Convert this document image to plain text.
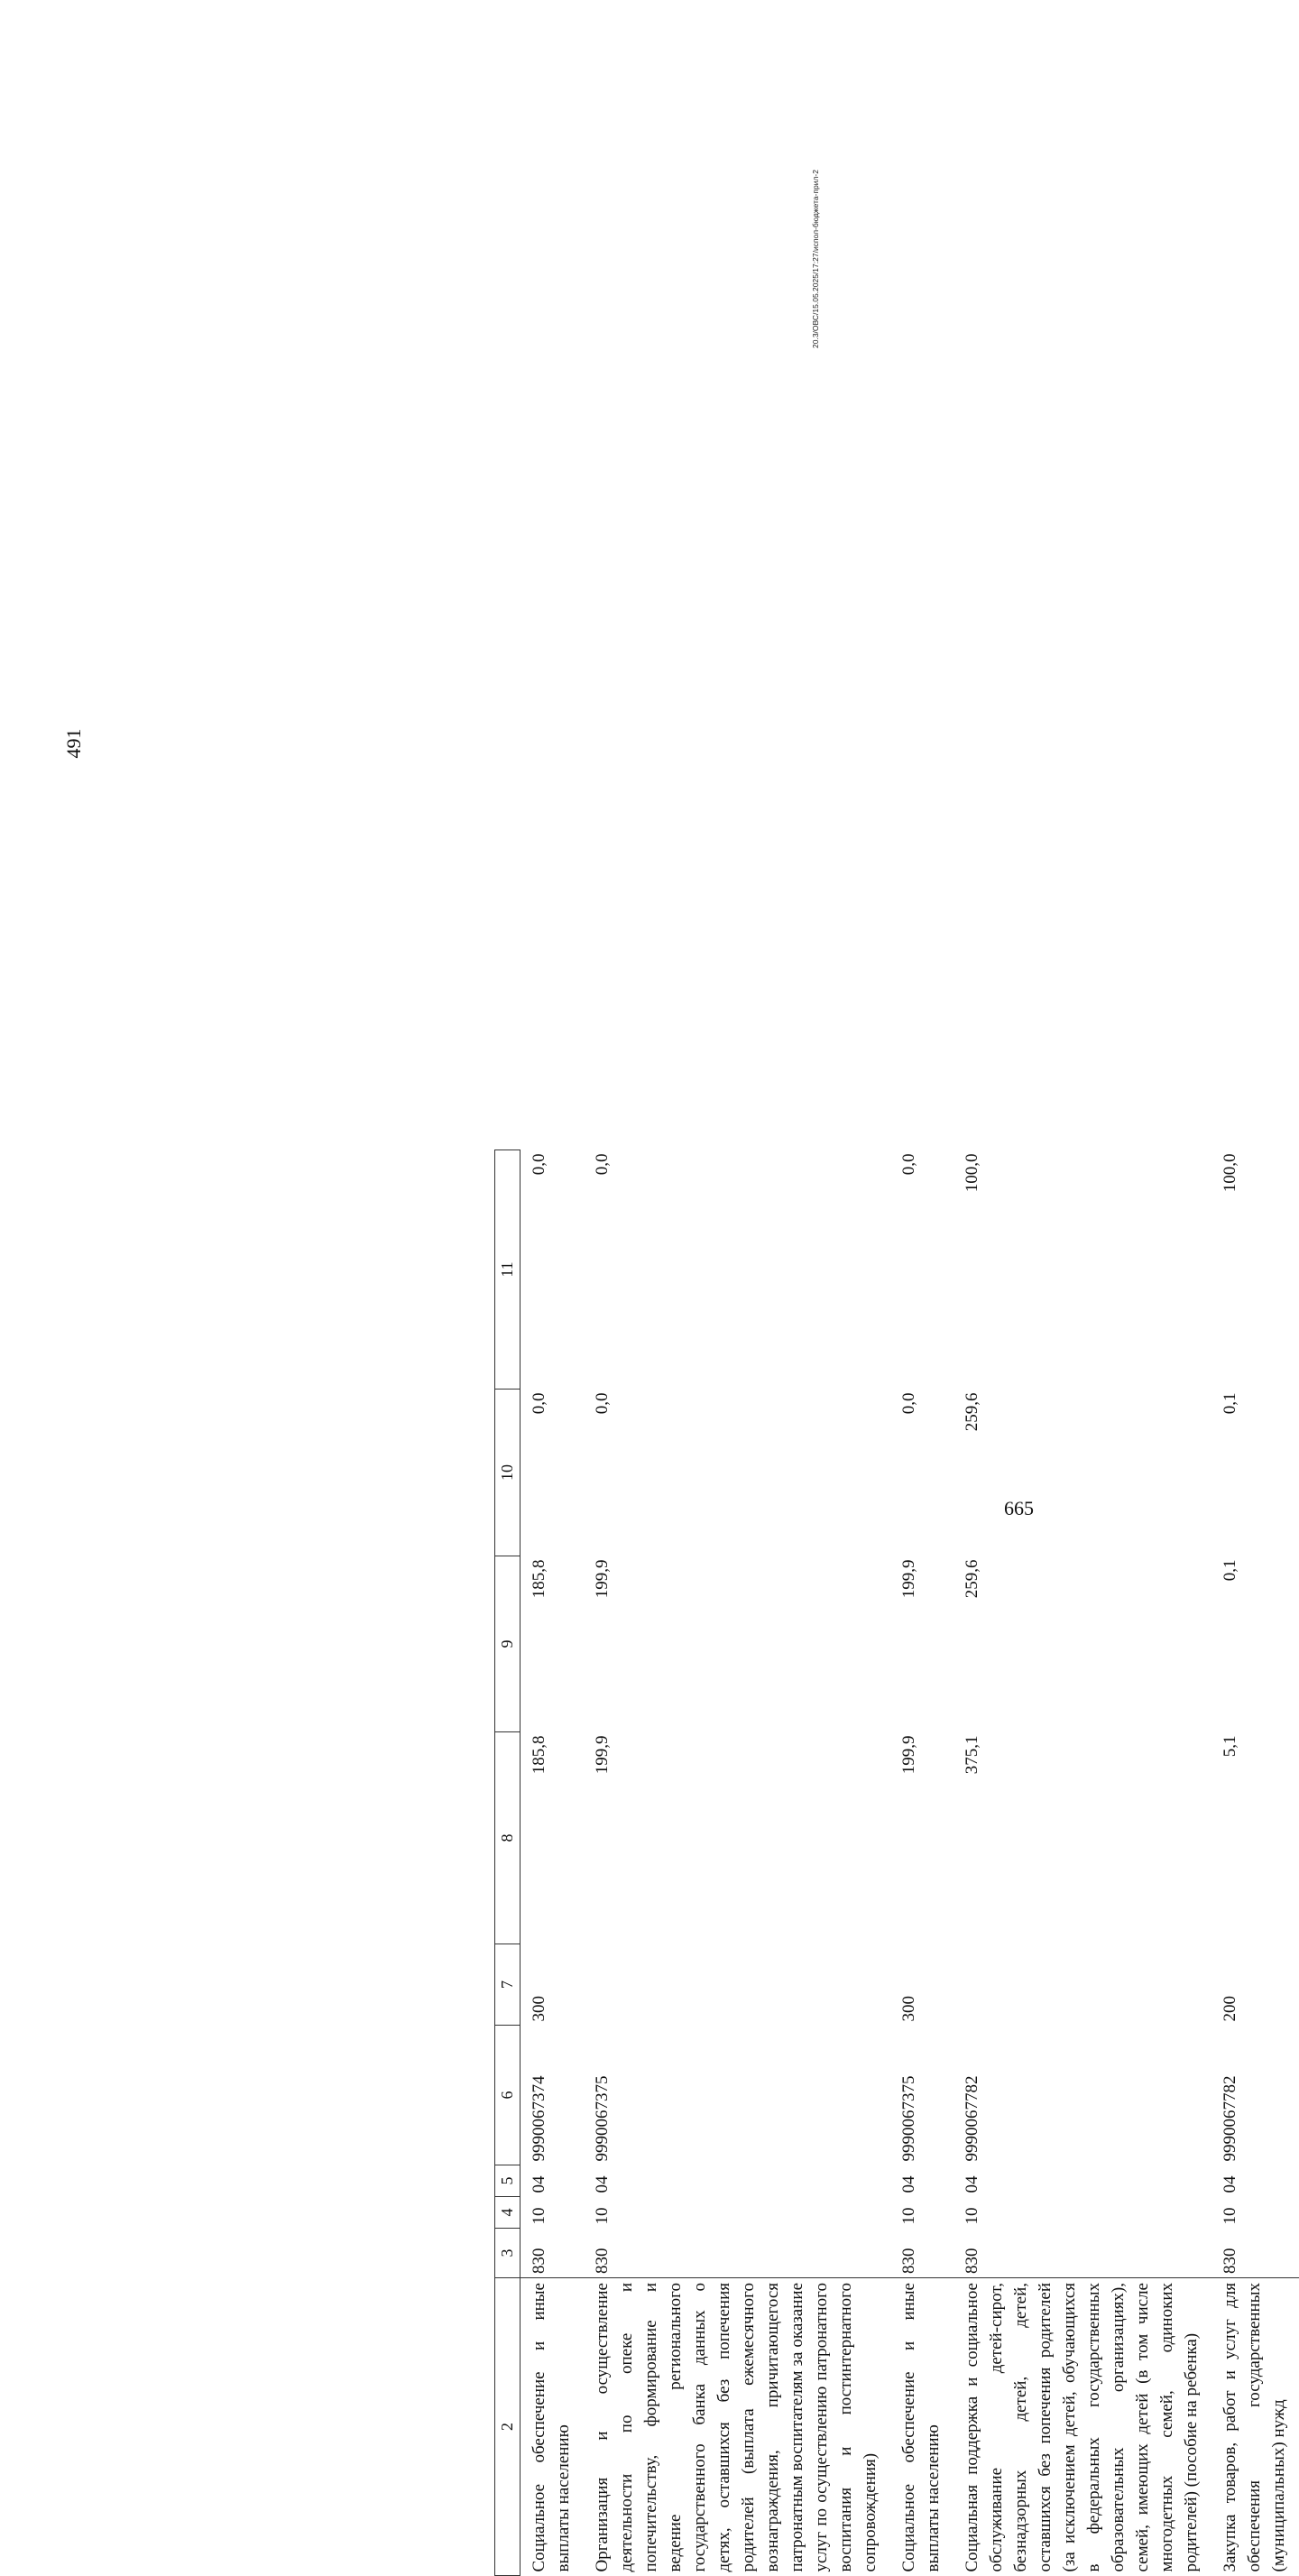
491
2	3	4	5	6	7	8	9	10	11
Социальное обеспечение и иные выплаты населению	830	10	04	9990067374	300	185,8	185,8	0,0	0,0
Организация и осуществление деятельности по опеке и попечительству, формирование и ведение регионального государственного банка данных о детях, оставшихся без попечения родителей (выплата ежемесячного вознаграждения, причитающегося патронатным воспитателям за оказание услуг по осуществлению патронатного воспитания и постинтернатного сопровождения)	830	10	04	9990067375		199,9	199,9	0,0	0,0
Социальное обеспечение и иные выплаты населению	830	10	04	9990067375	300	199,9	199,9	0,0	0,0
Социальная поддержка и социальное обслуживание детей-сирот, безнадзорных детей, детей, оставшихся без попечения родителей (за исключением детей, обучающихся в федеральных государственных образовательных организациях), семей, имеющих детей (в том числе многодетных семей, одиноких родителей) (пособие на ребенка)	830	10	04	9990067782		375,1	259,6	259,6	100,0
Закупка товаров, работ и услуг для обеспечения государственных (муниципальных) нужд	830	10	04	9990067782	200	5,1	0,1	0,1	100,0
20.3/ОВС/15.05.2025/17:27/испол-бюджета-прил-2
665
